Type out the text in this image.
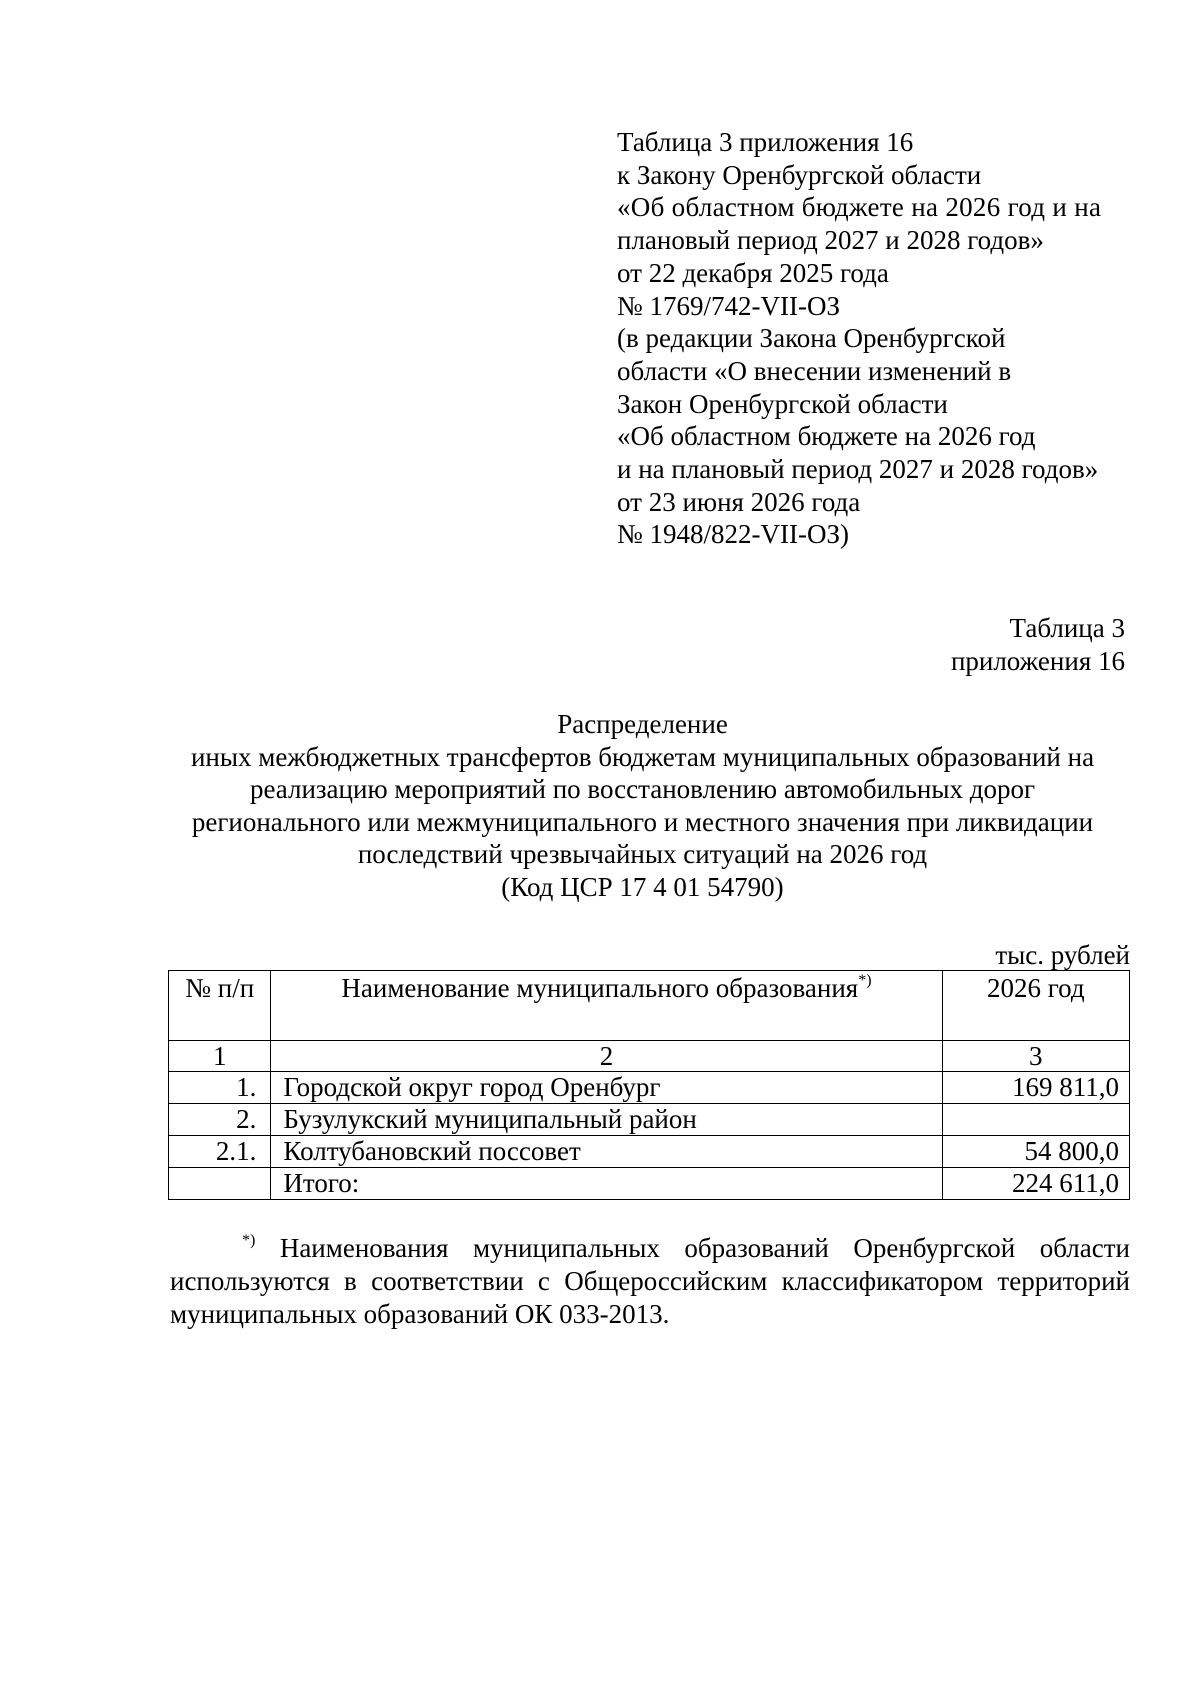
Таблица 3 приложения 16
к Закону Оренбургской области
«Об областном бюджете на 2026 год и на
плановый период 2027 и 2028 годов»
от 22 декабря 2025 года
№ 1769/742-VII-ОЗ
(в редакции Закона Оренбургской
области «О внесении изменений в
Закон Оренбургской области
«Об областном бюджете на 2026 год
и на плановый период 2027 и 2028 годов»
от 23 июня 2026 года
№ 1948/822-VII-ОЗ)
Таблица 3
приложения 16
Распределение
иных межбюджетных трансфертов бюджетам муниципальных образований на
реализацию мероприятий по восстановлению автомобильных дорог
регионального или межмуниципального и местного значения при ликвидации
последствий чрезвычайных ситуаций на 2026 год
(Код ЦСР 17 4 01 54790)
тыс. рублей
№ п/п	Наименование муниципального образования*)	2026 год
1	2	3
1.	Городской округ город Оренбург	169 811,0
2.	Бузулукский муниципальный район	
2.1.	Колтубановский поссовет	54 800,0
	Итого:	224 611,0
*) Наименования муниципальных образований Оренбургской области
используются в соответствии с Общероссийским классификатором территорий
муниципальных образований ОК 033-2013.
